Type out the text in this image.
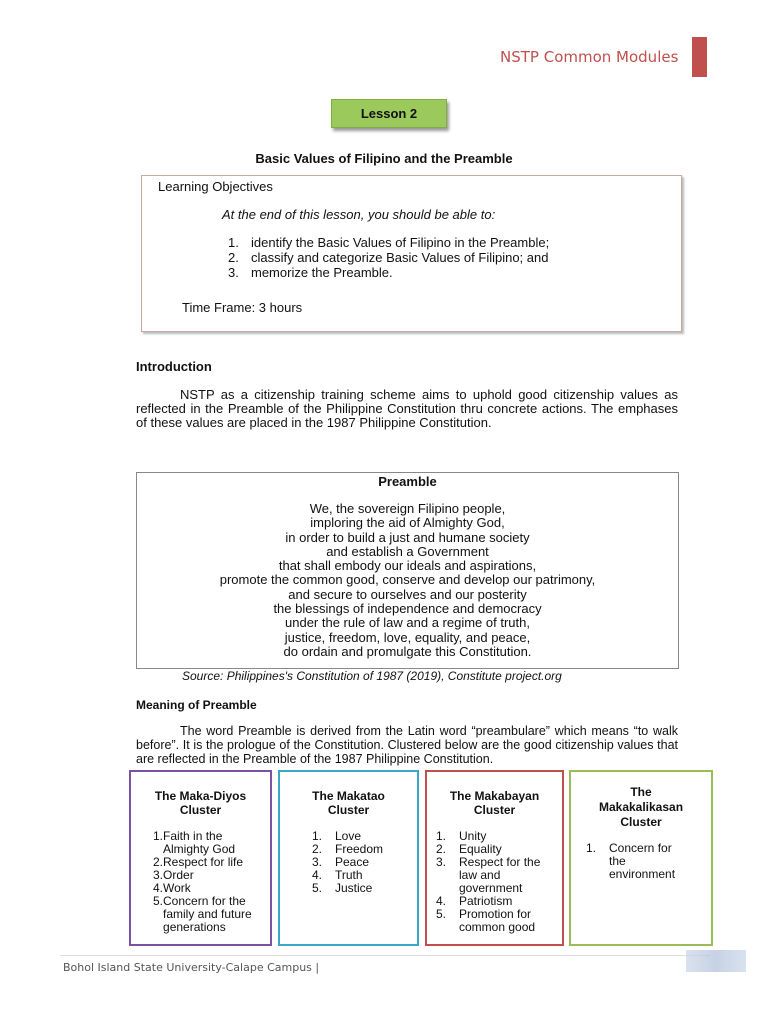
NSTP Common Modules
Lesson 2
Basic Values of Filipino and the Preamble
Learning Objectives
At the end of this lesson, you should be able to:
1. identify the Basic Values of Filipino in the Preamble;
2. classify and categorize Basic Values of Filipino; and
3. memorize the Preamble.
Time Frame: 3 hours
Introduction

NSTP as a citizenship training scheme aims to uphold good citizenship values as reflected in the Preamble of the Philippine Constitution thru concrete actions. The emphases of these values are placed in the 1987 Philippine Constitution.

Preamble
We, the sovereign Filipino people,
imploring the aid of Almighty God,
in order to build a just and humane society
and establish a Government
that shall embody our ideals and aspirations,
promote the common good, conserve and develop our patrimony,
and secure to ourselves and our posterity
the blessings of independence and democracy
under the rule of law and a regime of truth,
justice, freedom, love, equality, and peace,
do ordain and promulgate this Constitution.
Source: Philippines's Constitution of 1987 (2019), Constitute project.org
Meaning of Preamble

The word Preamble is derived from the Latin word “preambulare” which means “to walk before”. It is the prologue of the Constitution. Clustered below are the good citizenship values that are reflected in the Preamble of the 1987 Philippine Constitution.

The Maka-Diyos
Cluster
1. Faith in the Almighty God
2. Respect for life
3. Order
4. Work
5. Concern for the family and future generations
The Makatao
Cluster
1.	Love
2.	Freedom
3.	Peace
4.	Truth
5.	Justice
The Makabayan
Cluster
1.	Unity
2.	Equality
3.	Respect for the law and government
4.	Patriotism
5.	Promotion for common good
The
Makakalikasan
Cluster
1.	Concern for the environment
Bohol Island State University-Calape Campus |
